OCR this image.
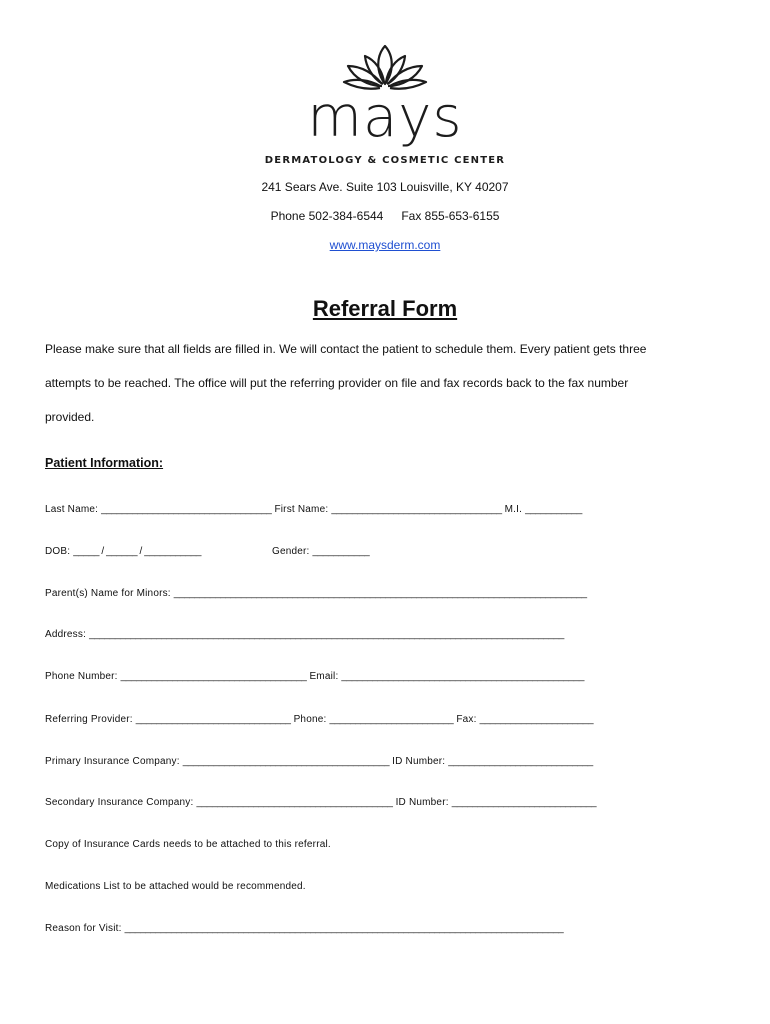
mays
DERMATOLOGY & COSMETIC CENTER
241 Sears Ave. Suite 103 Louisville, KY 40207
Phone 502-384-6544 Fax 855-653-6155
www.maysderm.com
Referral Form
Please make sure that all fields are filled in. We will contact the patient to schedule them. Every patient gets three
attempts to be reached. The office will put the referring provider on file and fax records back to the fax number
provided.
Patient Information:
Last Name: _________________________________ First Name: _________________________________ M.I. ___________
DOB: _____ / ______ / ___________	Gender: ___________
Parent(s) Name for Minors: ________________________________________________________________________________
Address: ____________________________________________________________________________________________
Phone Number: ____________________________________ Email: _______________________________________________
Referring Provider: ______________________________ Phone: ________________________ Fax: ______________________
Primary Insurance Company: ________________________________________ ID Number: ____________________________
Secondary Insurance Company: ______________________________________ ID Number: ____________________________
Copy of Insurance Cards needs to be attached to this referral.
Medications List to be attached would be recommended.
Reason for Visit: _____________________________________________________________________________________
